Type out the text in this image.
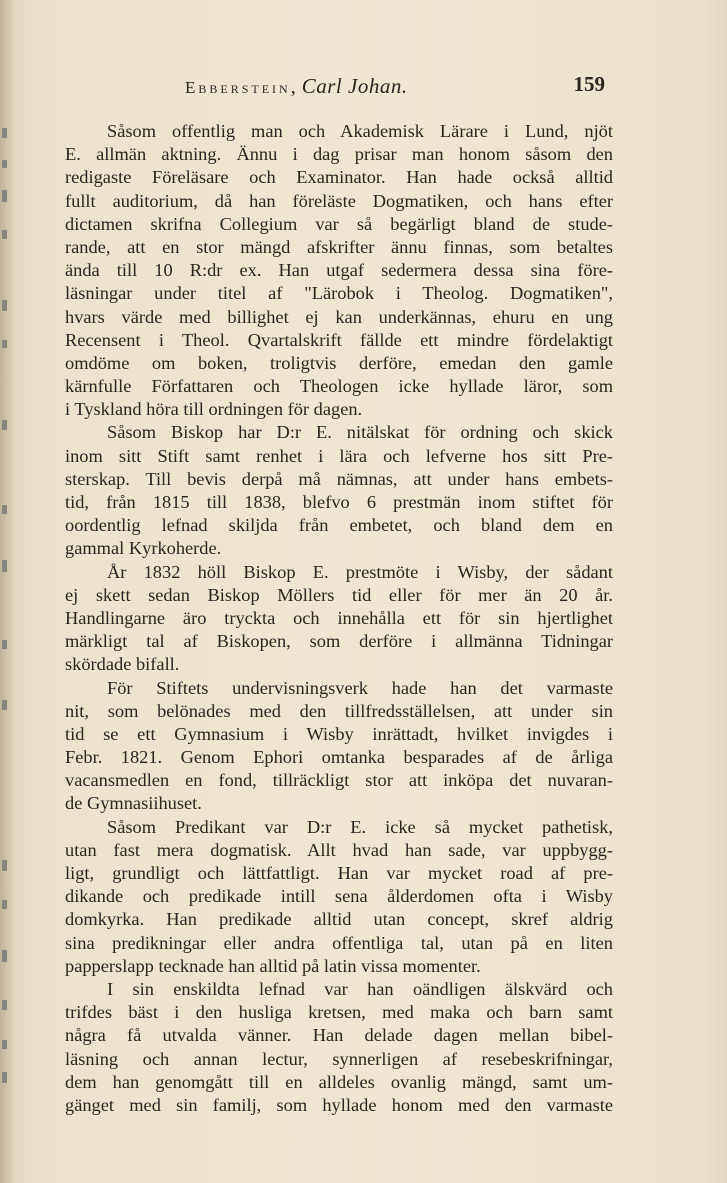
Ebberstein, Carl Johan.	159
Såsom offentlig man och Akademisk Lärare i Lund, njöt
E. allmän aktning. Ännu i dag prisar man honom såsom den
redigaste Föreläsare och Examinator. Han hade också alltid
fullt auditorium, då han föreläste Dogmatiken, och hans efter
dictamen skrifna Collegium var så begärligt bland de stude-
rande, att en stor mängd afskrifter ännu finnas, som betaltes
ända till 10 R:dr ex. Han utgaf sedermera dessa sina före-
läsningar under titel af "Lärobok i Theolog. Dogmatiken",
hvars värde med billighet ej kan underkännas, ehuru en ung
Recensent i Theol. Qvartalskrift fällde ett mindre fördelaktigt
omdöme om boken, troligtvis derföre, emedan den gamle
kärnfulle Författaren och Theologen icke hyllade läror, som
i Tyskland höra till ordningen för dagen.
Såsom Biskop har D:r E. nitälskat för ordning och skick
inom sitt Stift samt renhet i lära och lefverne hos sitt Pre-
sterskap. Till bevis derpå må nämnas, att under hans embets-
tid, från 1815 till 1838, blefvo 6 prestmän inom stiftet för
oordentlig lefnad skiljda från embetet, och bland dem en
gammal Kyrkoherde.
År 1832 höll Biskop E. prestmöte i Wisby, der sådant
ej skett sedan Biskop Möllers tid eller för mer än 20 år.
Handlingarne äro tryckta och innehålla ett för sin hjertlighet
märkligt tal af Biskopen, som derföre i allmänna Tidningar
skördade bifall.
För Stiftets undervisningsverk hade han det varmaste
nit, som belönades med den tillfredsställelsen, att under sin
tid se ett Gymnasium i Wisby inrättadt, hvilket invigdes i
Febr. 1821. Genom Ephori omtanka besparades af de årliga
vacansmedlen en fond, tillräckligt stor att inköpa det nuvaran-
de Gymnasiihuset.
Såsom Predikant var D:r E. icke så mycket pathetisk,
utan fast mera dogmatisk. Allt hvad han sade, var uppbygg-
ligt, grundligt och lättfattligt. Han var mycket road af pre-
dikande och predikade intill sena ålderdomen ofta i Wisby
domkyrka. Han predikade alltid utan concept, skref aldrig
sina predikningar eller andra offentliga tal, utan på en liten
papperslapp tecknade han alltid på latin vissa momenter.
I sin enskildta lefnad var han oändligen älskvärd och
trifdes bäst i den husliga kretsen, med maka och barn samt
några få utvalda vänner. Han delade dagen mellan bibel-
läsning och annan lectur, synnerligen af resebeskrifningar,
dem han genomgått till en alldeles ovanlig mängd, samt um-
gänget med sin familj, som hyllade honom med den varmaste
